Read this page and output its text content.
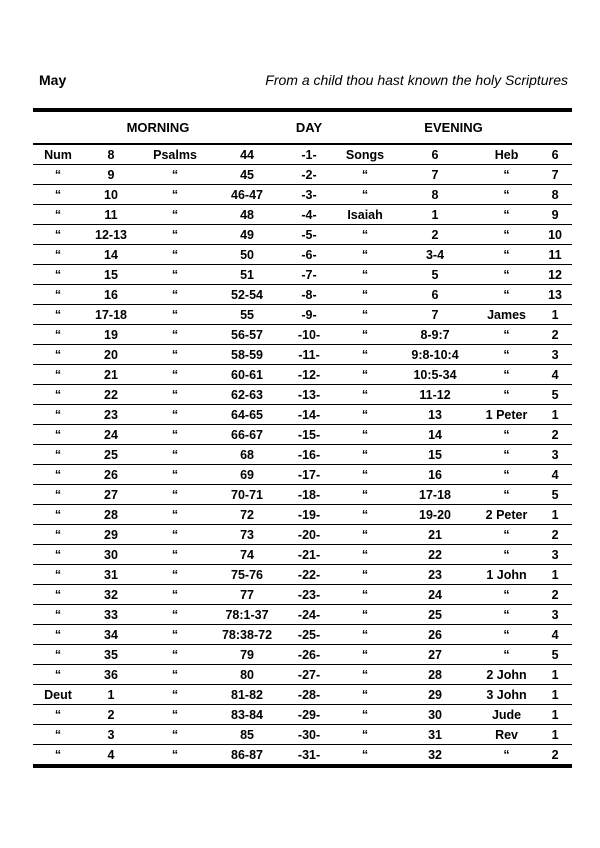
May	From a child thou hast known the holy Scriptures
MORNING				DAY	EVENING			
Num	8	Psalms	44	-1-	Songs	6	Heb	6
“	9	“	45	-2-	“	7	“	7
“	10	“	46-47	-3-	“	8	“	8
“	11	“	48	-4-	Isaiah	1	“	9
“	12-13	“	49	-5-	“	2	“	10
“	14	“	50	-6-	“	3-4	“	11
“	15	“	51	-7-	“	5	“	12
“	16	“	52-54	-8-	“	6	“	13
“	17-18	“	55	-9-	“	7	James	1
“	19	“	56-57	-10-	“	8-9:7	“	2
“	20	“	58-59	-11-	“	9:8-10:4	“	3
“	21	“	60-61	-12-	“	10:5-34	“	4
“	22	“	62-63	-13-	“	11-12	“	5
“	23	“	64-65	-14-	“	13	1 Peter	1
“	24	“	66-67	-15-	“	14	“	2
“	25	“	68	-16-	“	15	“	3
“	26	“	69	-17-	“	16	“	4
“	27	“	70-71	-18-	“	17-18	“	5
“	28	“	72	-19-	“	19-20	2 Peter	1
“	29	“	73	-20-	“	21	“	2
“	30	“	74	-21-	“	22	“	3
“	31	“	75-76	-22-	“	23	1 John	1
“	32	“	77	-23-	“	24	“	2
“	33	“	78:1-37	-24-	“	25	“	3
“	34	“	78:38-72	-25-	“	26	“	4
“	35	“	79	-26-	“	27	“	5
“	36	“	80	-27-	“	28	2 John	1
Deut	1	“	81-82	-28-	“	29	3 John	1
“	2	“	83-84	-29-	“	30	Jude	1
“	3	“	85	-30-	“	31	Rev	1
“	4	“	86-87	-31-	“	32	“	2
